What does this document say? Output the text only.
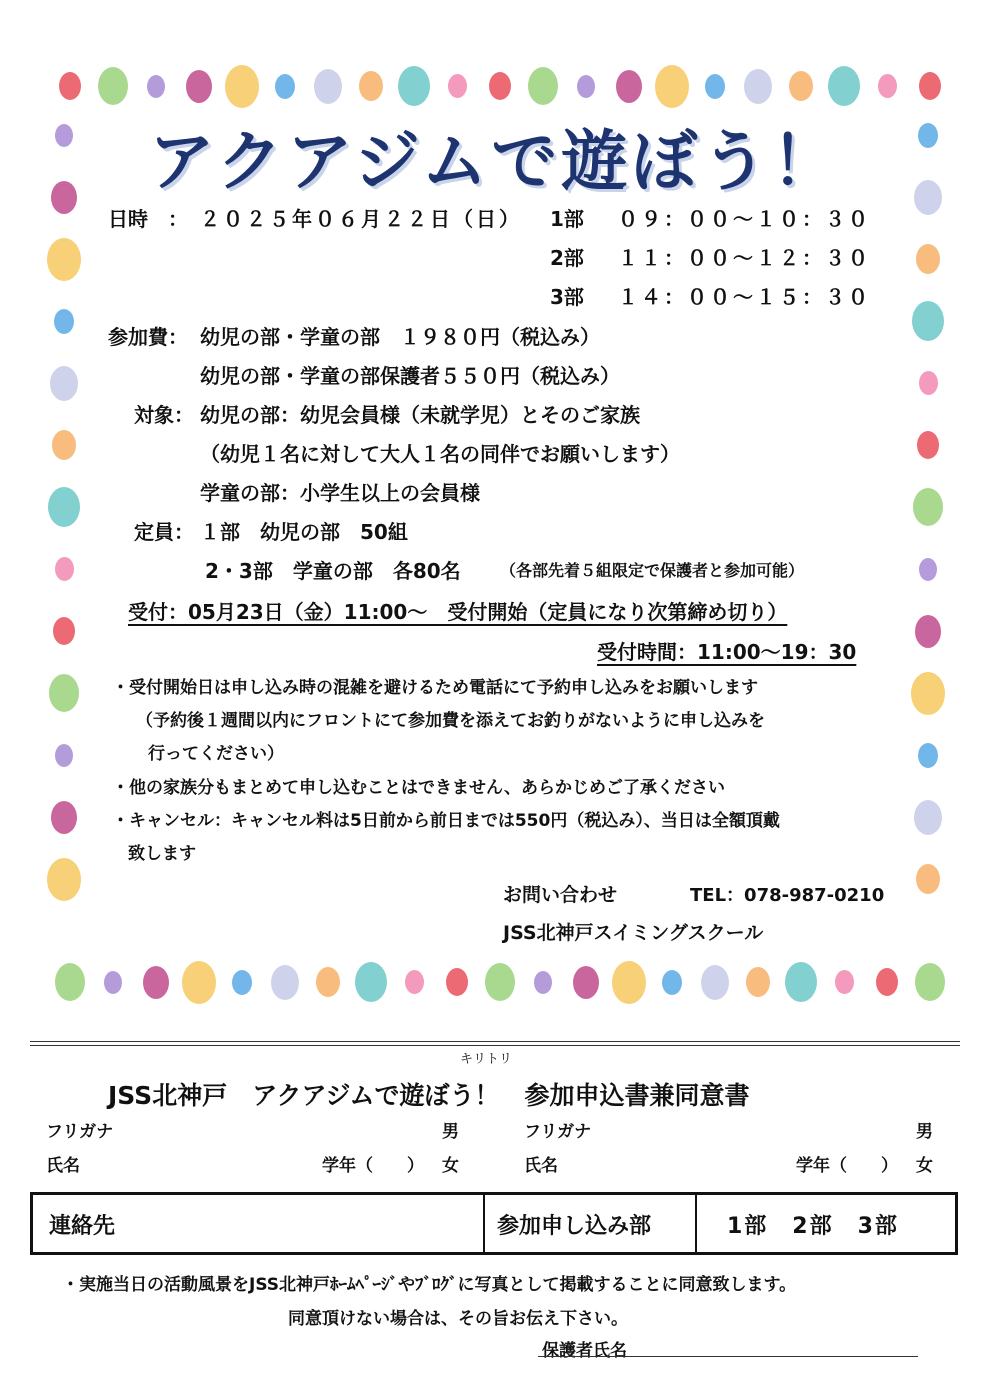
アクアジムで遊ぼう！
日時　： ２０２５年０６月２２日（日） 1部 ０９：００～１０：３０
2部 １１：００～１２：３０
3部 １４：００～１５：３０
参加費： 幼児の部・学童の部　１９８０円（税込み）
幼児の部・学童の部保護者５５０円（税込み）
対象： 幼児の部：幼児会員様（未就学児）とそのご家族
（幼児１名に対して大人１名の同伴でお願いします）
学童の部：小学生以上の会員様
定員： １部　幼児の部　50組
2・3部　学童の部　各80名 （各部先着５組限定で保護者と参加可能）
受付：05月23日（金）11:00～　受付開始（定員になり次第締め切り）
受付時間：11:00～19：30
・受付開始日は申し込み時の混雑を避けるため電話にて予約申し込みをお願いします
（予約後１週間以内にフロントにて参加費を添えてお釣りがないように申し込みを
行ってください）
・他の家族分もまとめて申し込むことはできません、あらかじめご了承ください
・キャンセル：キャンセル料は5日前から前日までは550円（税込み）、当日は全額頂戴
致します
お問い合わせ	TEL：078-987-0210
JSS北神戸スイミングスクール
キリトリ
JSS北神戸　アクアジムで遊ぼう！　参加申込書兼同意書
フリガナ	男
氏名	学年（　　） 女
フリガナ	男
氏名	学年（　　） 女
連絡先	参加申し込み部	1部　2部　3部
・実施当日の活動風景をJSS北神戸ﾎｰﾑﾍﾟｰｼﾞやﾌﾞﾛｸﾞに写真として掲載することに同意致します。
同意頂けない場合は、その旨お伝え下さい。
保護者氏名
